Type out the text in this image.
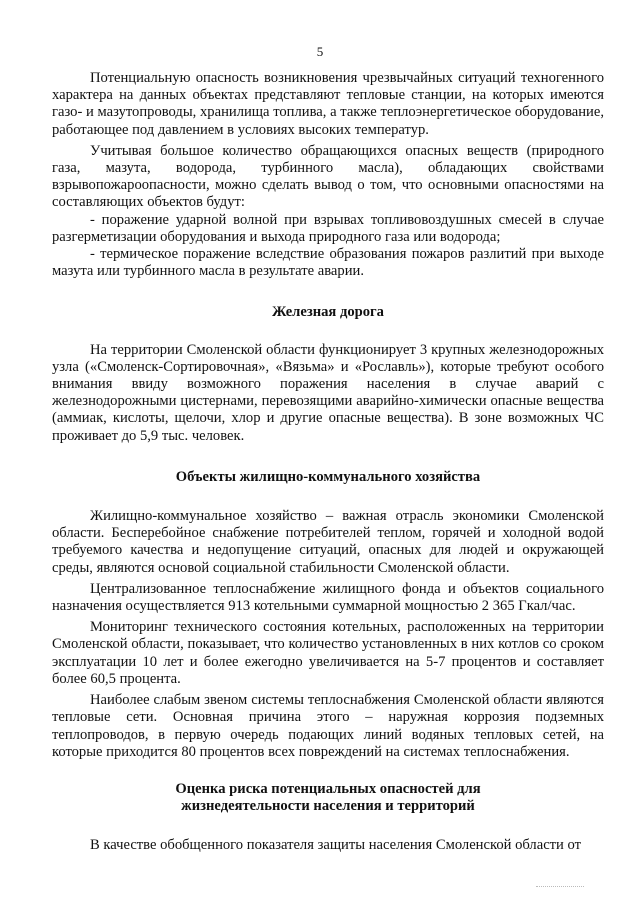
5

Потенциальную опасность возникновения чрезвычайных ситуаций техногенного характера на данных объектах представляют тепловые станции, на которых имеются газо- и мазутопроводы, хранилища топлива, а также теплоэнергетическое оборудование, работающее под давлением в условиях высоких температур.

Учитывая большое количество обращающихся опасных веществ (природного газа, мазута, водорода, турбинного масла), обладающих свойствами взрывопожароопасности, можно сделать вывод о том, что основными опасностями на составляющих объектов будут:

- поражение ударной волной при взрывах топливовоздушных смесей в случае разгерметизации оборудования и выхода природного газа или водорода;

- термическое поражение вследствие образования пожаров разлитий при выходе мазута или турбинного масла в результате аварии.

Железная дорога

На территории Смоленской области функционирует 3 крупных железнодорожных узла («Смоленск-Сортировочная», «Вязьма» и «Рославль»), которые требуют особого внимания ввиду возможного поражения населения в случае аварий с железнодорожными цистернами, перевозящими аварийно-химически опасные вещества (аммиак, кислоты, щелочи, хлор и другие опасные вещества). В зоне возможных ЧС проживает до 5,9 тыс. человек.

Объекты жилищно-коммунального хозяйства

Жилищно-коммунальное хозяйство – важная отрасль экономики Смоленской области. Бесперебойное снабжение потребителей теплом, горячей и холодной водой требуемого качества и недопущение ситуаций, опасных для людей и окружающей среды, являются основой социальной стабильности Смоленской области.

Централизованное теплоснабжение жилищного фонда и объектов социального назначения осуществляется 913 котельными суммарной мощностью 2 365 Гкал/час.

Мониторинг технического состояния котельных, расположенных на территории Смоленской области, показывает, что количество установленных в них котлов со сроком эксплуатации 10 лет и более ежегодно увеличивается на 5-7 процентов и составляет более 60,5 процента.

Наиболее слабым звеном системы теплоснабжения Смоленской области являются тепловые сети. Основная причина этого – наружная коррозия подземных теплопроводов, в первую очередь подающих линий водяных тепловых сетей, на которые приходится 80 процентов всех повреждений на системах теплоснабжения.

Оценка риска потенциальных опасностей для
жизнедеятельности населения и территорий

В качестве обобщенного показателя защиты населения Смоленской области от
